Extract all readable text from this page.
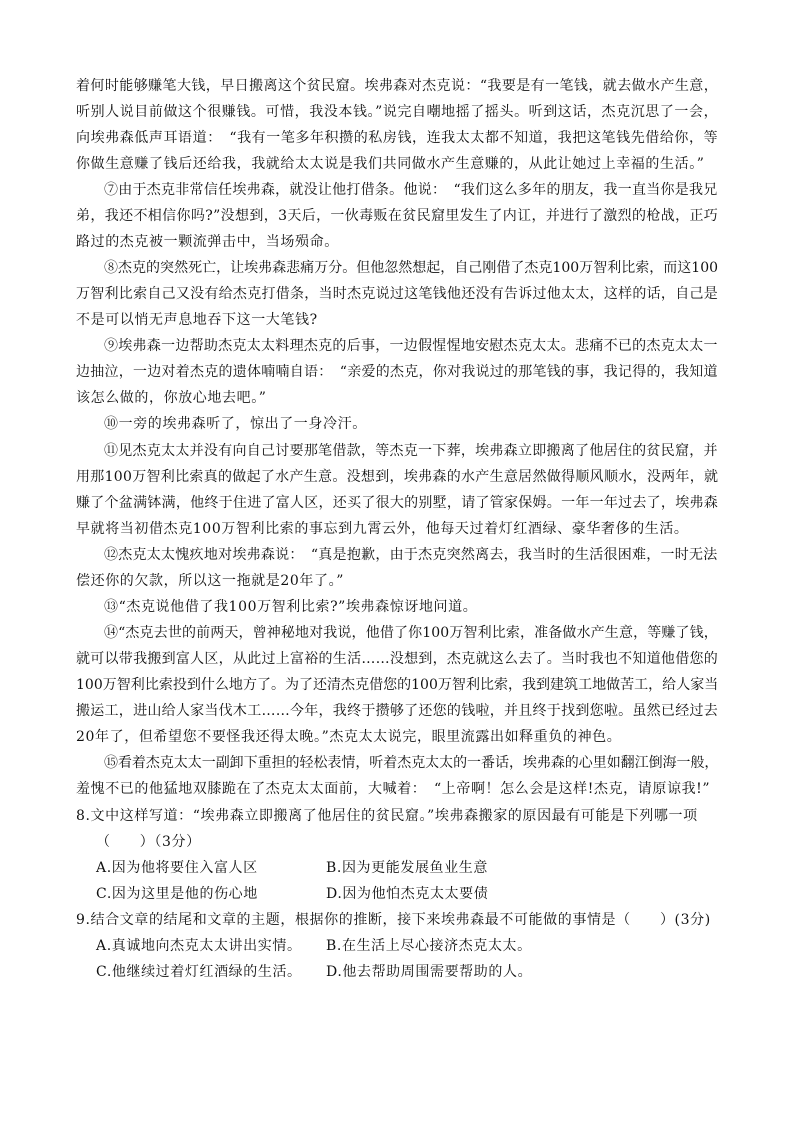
着何时能够赚笔大钱，早日搬离这个贫民窟。埃弗森对杰克说：“我要是有一笔钱，就去做水产生意，
听别人说目前做这个很赚钱。可惜，我没本钱。”说完自嘲地摇了摇头。听到这话，杰克沉思了一会，
向埃弗森低声耳语道：　“我有一笔多年积攒的私房钱，连我太太都不知道，我把这笔钱先借给你，等
你做生意赚了钱后还给我，我就给太太说是我们共同做水产生意赚的，从此让她过上幸福的生活。”
⑦由于杰克非常信任埃弗森，就没让他打借条。他说：　“我们这么多年的朋友，我一直当你是我兄
弟，我还不相信你吗?”没想到，3天后，一伙毒贩在贫民窟里发生了内讧，并进行了激烈的枪战，正巧
路过的杰克被一颗流弹击中，当场殒命。
⑧杰克的突然死亡，让埃弗森悲痛万分。但他忽然想起，自己刚借了杰克100万智利比索，而这100
万智利比索自己又没有给杰克打借条，当时杰克说过这笔钱他还没有告诉过他太太，这样的话，自己是
不是可以悄无声息地吞下这一大笔钱?
⑨埃弗森一边帮助杰克太太料理杰克的后事，一边假惺惺地安慰杰克太太。悲痛不已的杰克太太一
边抽泣，一边对着杰克的遗体喃喃自语：　“亲爱的杰克，你对我说过的那笔钱的事，我记得的，我知道
该怎么做的，你放心地去吧。”
⑩一旁的埃弗森听了，惊出了一身冷汗。
⑪见杰克太太并没有向自己讨要那笔借款，等杰克一下葬，埃弗森立即搬离了他居住的贫民窟，并
用那100万智利比索真的做起了水产生意。没想到，埃弗森的水产生意居然做得顺风顺水，没两年，就
赚了个盆满钵满，他终于住进了富人区，还买了很大的别墅，请了管家保姆。一年一年过去了，埃弗森
早就将当初借杰克100万智利比索的事忘到九霄云外，他每天过着灯红酒绿、豪华奢侈的生活。
⑫杰克太太愧疚地对埃弗森说：　“真是抱歉，由于杰克突然离去，我当时的生活很困难，一时无法
偿还你的欠款，所以这一拖就是20年了。”
⑬“杰克说他借了我100万智利比索?”埃弗森惊讶地问道。
⑭“杰克去世的前两天，曾神秘地对我说，他借了你100万智利比索，准备做水产生意，等赚了钱，
就可以带我搬到富人区，从此过上富裕的生活……没想到，杰克就这么去了。当时我也不知道他借您的
100万智利比索投到什么地方了。为了还清杰克借您的100万智利比索，我到建筑工地做苦工，给人家当
搬运工，进山给人家当伐木工……今年，我终于攒够了还您的钱啦，并且终于找到您啦。虽然已经过去
20年了，但希望您不要怪我还得太晚。”杰克太太说完，眼里流露出如释重负的神色。
⑮看着杰克太太一副卸下重担的轻松表情，听着杰克太太的一番话，埃弗森的心里如翻江倒海一般，
羞愧不已的他猛地双膝跪在了杰克太太面前，大喊着：　“上帝啊！怎么会是这样!杰克，请原谅我!”
8.文中这样写道：“埃弗森立即搬离了他居住的贫民窟。”埃弗森搬家的原因最有可能是下列哪一项
（　　）（3分）
A.因为他将要住入富人区	B.因为更能发展鱼业生意
C.因为这里是他的伤心地	D.因为他怕杰克太太要债
9.结合文章的结尾和文章的主题，根据你的推断，接下来埃弗森最不可能做的事情是（　　）(3分)
A.真诚地向杰克太太讲出实情。 B.在生活上尽心接济杰克太太。
C.他继续过着灯红酒绿的生活。 D.他去帮助周围需要帮助的人。
